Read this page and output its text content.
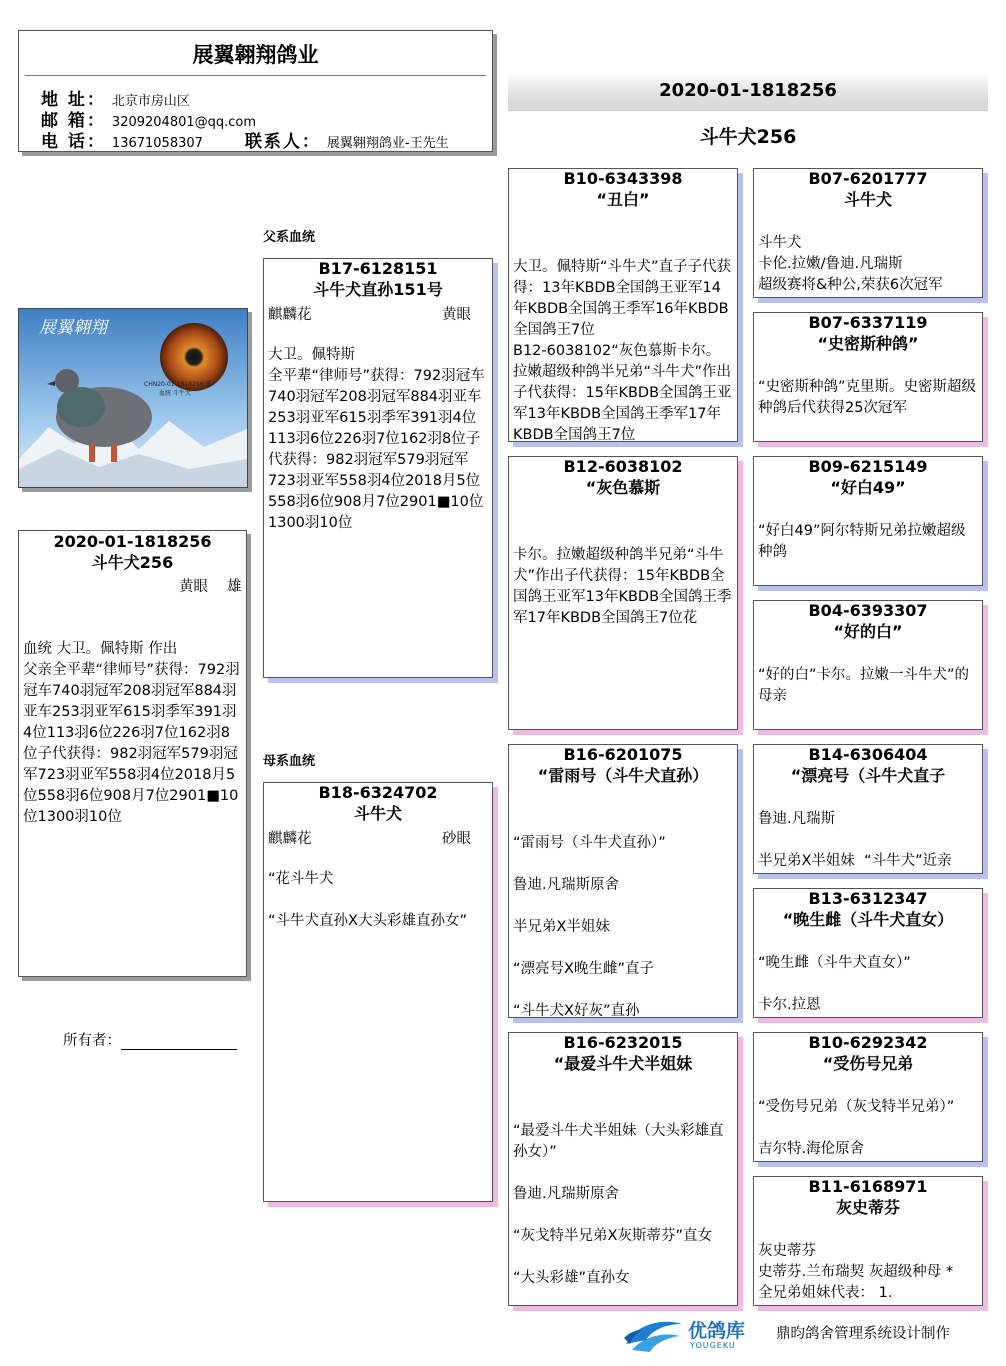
展翼翱翔鸽业
地 址： 北京市房山区
邮 箱： 3209204801@qq.com
电 话： 13671058307 联系人： 展翼翱翔鸽业-王先生
2020-01-1818256
斗牛犬256
展翼翱翔
CHN20-01-1818256 雄
血统 斗牛犬
2020-01-1818256
斗牛犬256
黄眼 雄
血统 大卫。佩特斯 作出
父亲全平辈“律师号”获得：792羽冠车740羽冠军208羽冠军884羽亚车253羽亚军615羽季军391羽4位113羽6位226羽7位162羽8位子代获得：982羽冠军579羽冠军723羽亚军558羽4位2018月5位558羽6位908月7位2901■10位1300羽10位
所有者：
父系血统
母系血统
B17-6128151
斗牛犬直孙151号
麒麟花	黄眼
大卫。佩特斯
全平辈“律师号”获得：792羽冠车740羽冠军208羽冠军884羽亚车253羽亚军615羽季军391羽4位113羽6位226羽7位162羽8位子代获得：982羽冠军579羽冠军723羽亚军558羽4位2018月5位558羽6位908月7位2901■10位1300羽10位
B18-6324702
斗牛犬
麒麟花	砂眼
“花斗牛犬

“斗牛犬直孙X大头彩雄直孙女”
B10-6343398
“丑白”
大卫。佩特斯“斗牛犬”直子子代获得：13年KBDB全国鸽王亚军14年KBDB全国鸽王季军16年KBDB全国鸽王7位
B12-6038102“灰色慕斯卡尔。拉嫩超级种鸽半兄弟“斗牛犬”作出子代获得：15年KBDB全国鸽王亚军13年KBDB全国鸽王季军17年KBDB全国鸽王7位
B12-6038102
“灰色慕斯
卡尔。拉嫩超级种鸽半兄弟“斗牛犬”作出子代获得：15年KBDB全国鸽王亚军13年KBDB全国鸽王季军17年KBDB全国鸽王7位花
B16-6201075
“雷雨号（斗牛犬直孙）
“雷雨号（斗牛犬直孙）”

鲁迪.凡瑞斯原舍

半兄弟X半姐妹

“漂亮号X晚生雌”直子

“斗牛犬X好灰”直孙
B16-6232015
“最爱斗牛犬半姐妹
“最爱斗牛犬半姐妹（大头彩雄直孙女）”

鲁迪.凡瑞斯原舍

“灰戈特半兄弟X灰斯蒂芬”直女

“大头彩雄”直孙女
B07-6201777
斗牛犬
斗牛犬
卡伦.拉嫩/鲁迪.凡瑞斯
超级赛将&种公,荣获6次冠军
B07-6337119
“史密斯种鸽”
“史密斯种鸽”克里斯。史密斯超级种鸽后代获得25次冠军
B09-6215149
“好白49”
“好白49”阿尔特斯兄弟拉嫩超级种鸽
B04-6393307
“好的白”
“好的白”卡尔。拉嫩一斗牛犬”的母亲
B14-6306404
“漂亮号（斗牛犬直子
鲁迪.凡瑞斯

半兄弟X半姐妹  “斗牛犬”近亲
B13-6312347
“晚生雌（斗牛犬直女）
“晚生雌（斗牛犬直女）”

卡尔.拉恩
B10-6292342
“受伤号兄弟
“受伤号兄弟（灰戈特半兄弟）”

吉尔特.海伦原舍
B11-6168971
灰史蒂芬
灰史蒂芬
史蒂芬.兰布瑞契 灰超级种母 *
全兄弟姐妹代表： 1.
优鸽库
YOUGEKU
鼎昀鸽舍管理系统设计制作
